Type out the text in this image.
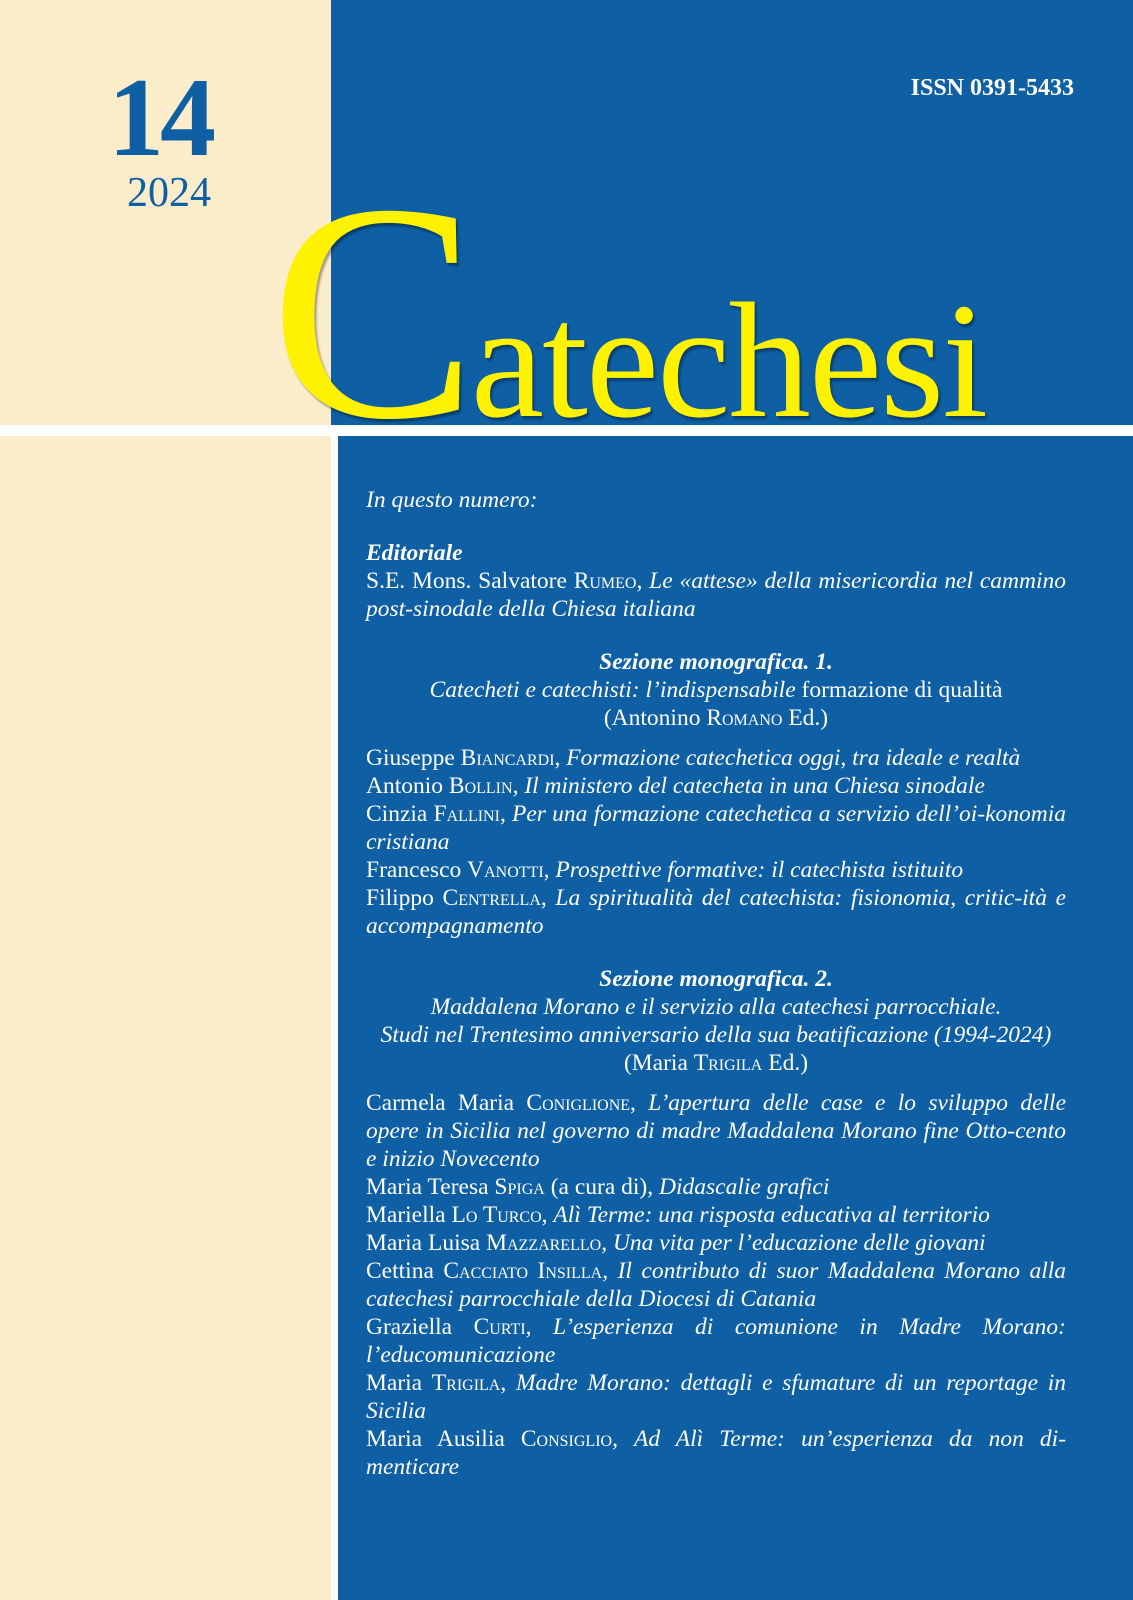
14
2024
ISSN 0391-5433
Catechesi

In questo numero:

Editoriale

S.E. Mons. Salvatore Rumeo, Le «attese» della misericordia nel cammino post-sinodale della Chiesa italiana

Sezione monografica. 1.

Catecheti e catechisti: l’indispensabile formazione di qualità

(Antonino Romano Ed.)

Giuseppe Biancardi, Formazione catechetica oggi, tra ideale e realtà

Antonio Bollin, Il ministero del catecheta in una Chiesa sinodale

Cinzia Fallini, Per una formazione catechetica a servizio dell’oi-konomia cristiana

Francesco Vanotti, Prospettive formative: il catechista istituito

Filippo Centrella, La spiritualità del catechista: fisionomia, critic-ità e accompagnamento

Sezione monografica. 2.

Maddalena Morano e il servizio alla catechesi parrocchiale.

Studi nel Trentesimo anniversario della sua beatificazione (1994-2024)

(Maria Trigila Ed.)

Carmela Maria Coniglione, L’apertura delle case e lo sviluppo delle opere in Sicilia nel governo di madre Maddalena Morano fine Otto-cento e inizio Novecento

Maria Teresa Spiga (a cura di), Didascalie grafici

Mariella Lo Turco, Alì Terme: una risposta educativa al territorio

Maria Luisa Mazzarello, Una vita per l’educazione delle giovani

Cettina Cacciato Insilla, Il contributo di suor Maddalena Morano alla catechesi parrocchiale della Diocesi di Catania

Graziella Curti, L’esperienza di comunione in Madre Morano: l’educomunicazione

Maria Trigila, Madre Morano: dettagli e sfumature di un reportage in Sicilia

Maria Ausilia Consiglio, Ad Alì Terme: un’esperienza da non di-menticare
